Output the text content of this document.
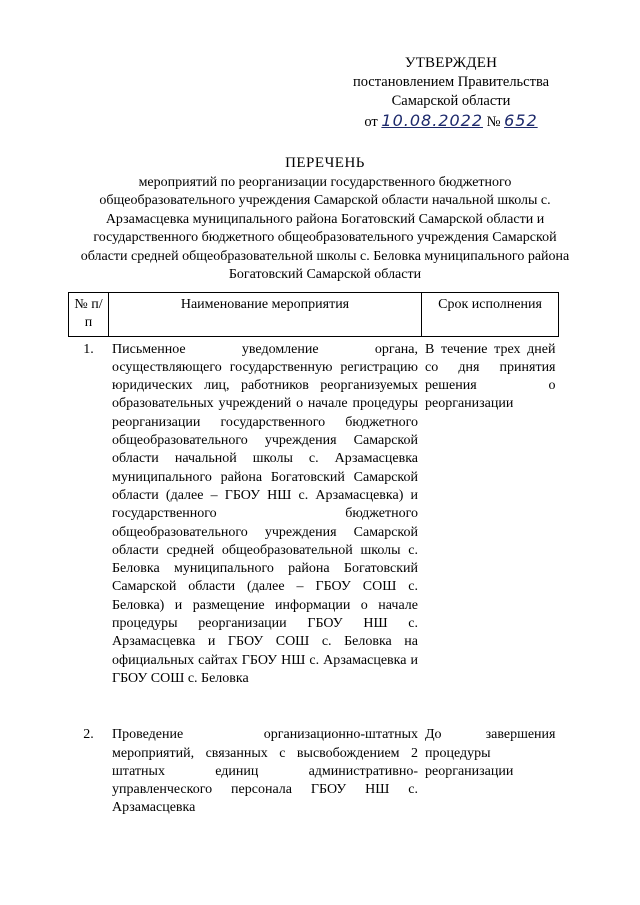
УТВЕРЖДЕН
постановлением Правительства
Самарской области
от 10.08.2022 № 652
ПЕРЕЧЕНЬ
мероприятий по реорганизации государственного бюджетного общеобразовательного учреждения Самарской области начальной школы с. Арзамасцевка муниципального района Богатовский Самарской области и государственного бюджетного общеобразовательного учреждения Самарской области средней общеобразовательной школы с. Беловка муниципального района Богатовский Самарской области
№ п/п	Наименование мероприятия	Срок исполнения
1.	Письменное уведомление органа, осуществляющего государственную регистрацию юридических лиц, работников реорганизуемых образовательных учреждений о начале процедуры реорганизации государственного бюджетного общеобразовательного учреждения Самарской области начальной школы с. Арзамасцевка муниципального района Богатовский Самарской области (далее – ГБОУ НШ с. Арзамасцевка) и государственного бюджетного общеобразовательного учреждения Самарской области средней общеобразовательной школы с. Беловка муниципального района Богатовский Самарской области (далее – ГБОУ СОШ с. Беловка) и размещение информации о начале процедуры реорганизации ГБОУ НШ с. Арзамасцевка и ГБОУ СОШ с. Беловка на официальных сайтах ГБОУ НШ с. Арзамасцевка и ГБОУ СОШ с. Беловка	В течение трех дней со дня принятия решения о реорганизации
2.	Проведение организационно-штатных мероприятий, связанных с высвобождением 2 штатных единиц административно-управленческого персонала ГБОУ НШ с. Арзамасцевка	До завершения процедуры реорганизации
